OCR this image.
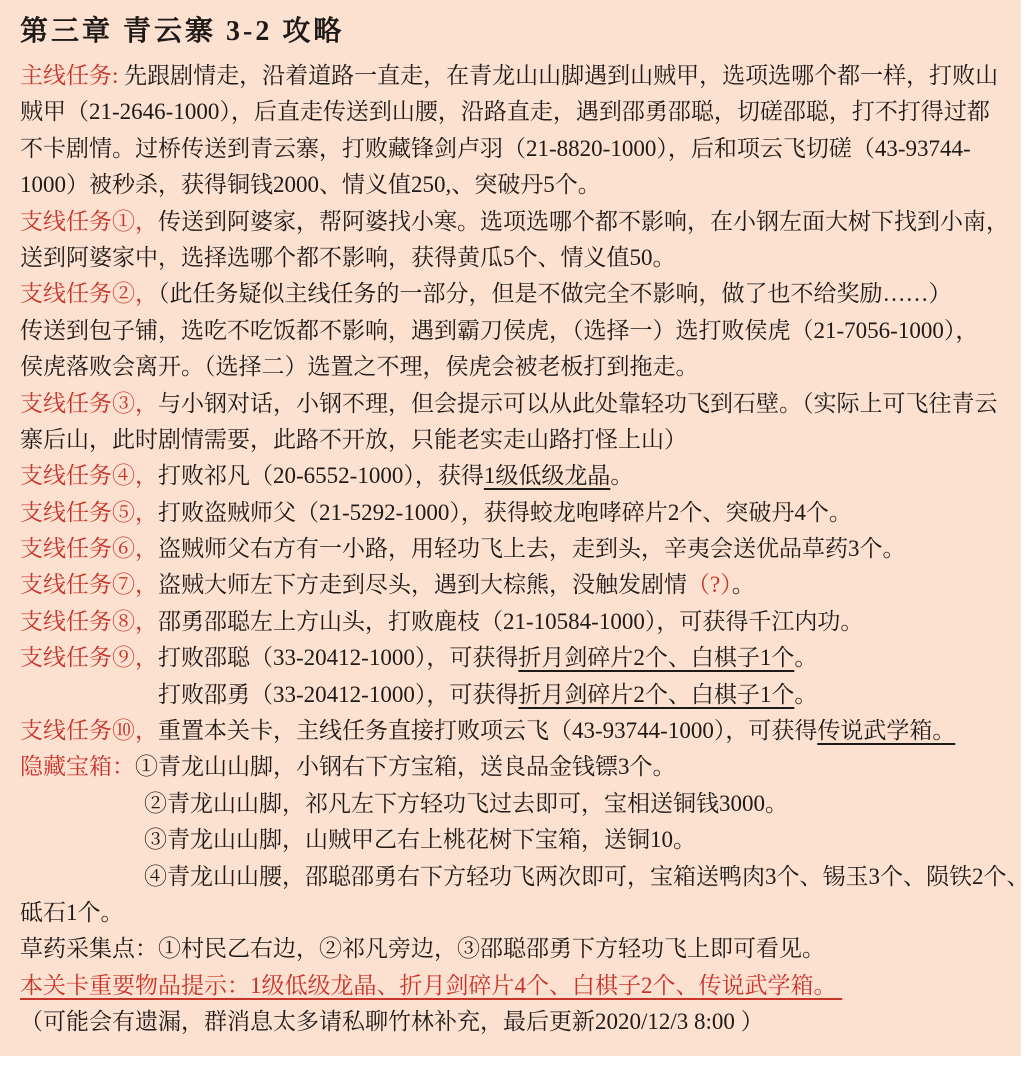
第三章 青云寨 3-2 攻略
主线任务: 先跟剧情走，沿着道路一直走，在青龙山山脚遇到山贼甲，选项选哪个都一样，打败山
贼甲（21-2646-1000），后直走传送到山腰，沿路直走，遇到邵勇邵聪，切磋邵聪，打不打得过都
不卡剧情。过桥传送到青云寨，打败藏锋剑卢羽（21-8820-1000），后和项云飞切磋（43-93744-
1000）被秒杀，获得铜钱2000、情义值250,、突破丹5个。
支线任务①，传送到阿婆家，帮阿婆找小寒。选项选哪个都不影响，在小钢左面大树下找到小南，
送到阿婆家中，选择选哪个都不影响，获得黄瓜5个、情义值50。
支线任务②，（此任务疑似主线任务的一部分，但是不做完全不影响，做了也不给奖励……）
传送到包子铺，选吃不吃饭都不影响，遇到霸刀侯虎，（选择一）选打败侯虎（21-7056-1000），
侯虎落败会离开。（选择二）选置之不理，侯虎会被老板打到拖走。
支线任务③，与小钢对话，小钢不理，但会提示可以从此处靠轻功飞到石壁。（实际上可飞往青云
寨后山，此时剧情需要，此路不开放，只能老实走山路打怪上山）
支线任务④，打败祁凡（20-6552-1000），获得1级低级龙晶。
支线任务⑤，打败盗贼师父（21-5292-1000），获得蛟龙咆哮碎片2个、突破丹4个。
支线任务⑥，盗贼师父右方有一小路，用轻功飞上去，走到头，辛夷会送优品草药3个。
支线任务⑦，盗贼大师左下方走到尽头，遇到大棕熊，没触发剧情（?）。
支线任务⑧，邵勇邵聪左上方山头，打败鹿枝（21-10584-1000），可获得千江内功。
支线任务⑨，打败邵聪（33-20412-1000），可获得折月剑碎片2个、白棋子1个。
打败邵勇（33-20412-1000），可获得折月剑碎片2个、白棋子1个。
支线任务⑩，重置本关卡，主线任务直接打败项云飞（43-93744-1000），可获得传说武学箱。
隐藏宝箱：①青龙山山脚，小钢右下方宝箱，送良品金钱镖3个。
②青龙山山脚，祁凡左下方轻功飞过去即可，宝相送铜钱3000。
③青龙山山脚，山贼甲乙右上桃花树下宝箱，送铜10。
④青龙山山腰，邵聪邵勇右下方轻功飞两次即可，宝箱送鸭肉3个、锡玉3个、陨铁2个、
砥石1个。
草药采集点：①村民乙右边，②祁凡旁边，③邵聪邵勇下方轻功飞上即可看见。
本关卡重要物品提示：1级低级龙晶、折月剑碎片4个、白棋子2个、传说武学箱。
（可能会有遗漏，群消息太多请私聊竹林补充，最后更新2020/12/3 8:00 ）
